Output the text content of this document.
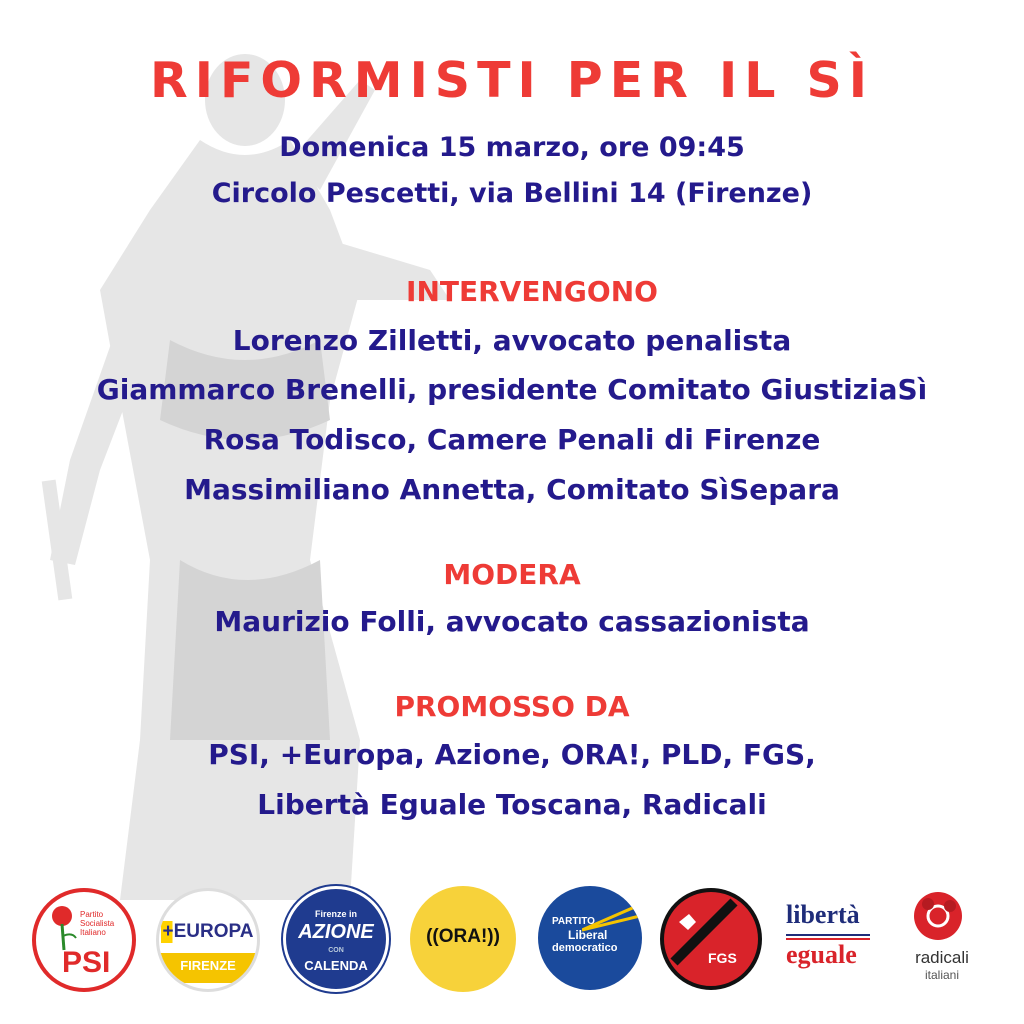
RIFORMISTI PER IL SÌ
Domenica 15 marzo, ore 09:45
Circolo Pescetti, via Bellini 14 (Firenze)
INTERVENGONO
Lorenzo Zilletti, avvocato penalista
Giammarco Brenelli, presidente Comitato GiustiziaSì
Rosa Todisco, Camere Penali di Firenze
Massimiliano Annetta, Comitato SìSepara
MODERA
Maurizio Folli, avvocato cassazionista
PROMOSSO DA
PSI, +Europa, Azione, ORA!, PLD, FGS,
Libertà Eguale Toscana, Radicali
Partito Socialista Italiano
PSI
+EUROPA
FIRENZE
Firenze in
AZIONE
CON
CALENDA
((ORA!))
PARTITO
Liberal
democratico
FGS
libertà
eguale	radicali
italiani
